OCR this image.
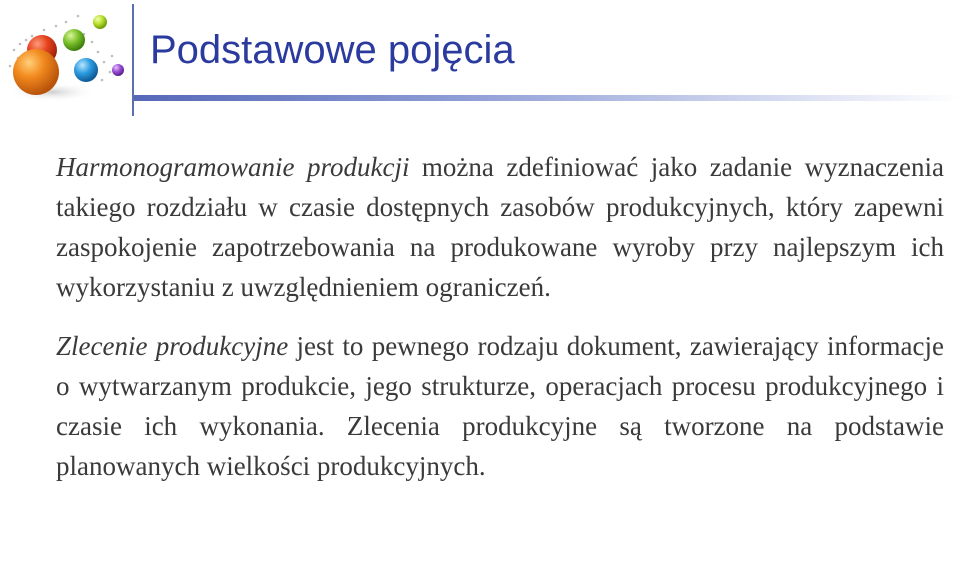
Podstawowe pojęcia

Harmonogramowanie produkcji można zdefiniować jako zadanie wyznaczenia takiego rozdziału w czasie dostępnych zasobów produkcyjnych, który zapewni zaspokojenie zapotrzebowania na produkowane wyroby przy najlepszym ich wykorzystaniu z uwzględnieniem ograniczeń.

Zlecenie produkcyjne jest to pewnego rodzaju dokument, zawierający informacje o wytwarzanym produkcie, jego strukturze, operacjach procesu produkcyjnego i czasie ich wykonania. Zlecenia produkcyjne są tworzone na podstawie planowanych wielkości produkcyjnych.
